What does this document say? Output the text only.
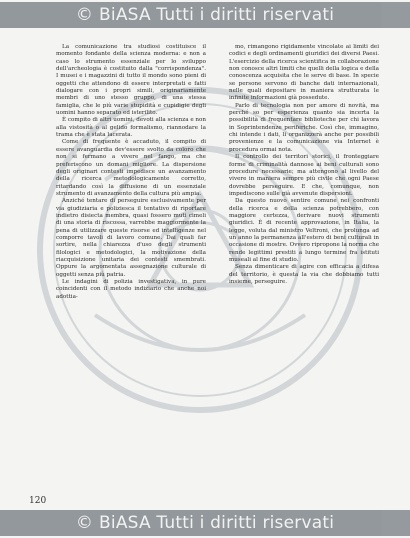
© BiASA Tutti i diritti riservati

La comunicazione tra studiosi costituisce il momento fondante della scienza moderna: e non a caso lo strumento essenziale per lo sviluppo dell'archeologia è costituito dalla "corrispondenza". I musei e i magazzini di tutto il mondo sono pieni di oggetti che attendono di essere interpretati e fatti dialogare con i propri simili, originariamente membri di uno stesso gruppo, di una stessa famiglia, che le più varie stupidità e cupidigie degli uomini hanno separato ed isterilito.

È compito di altri uomini, devoti alla scienza e non alla vistosità o al gelido formalismo, riannodare la trama che è stata lacerata.

Come di frequente è accaduto, il compito di essere avanguardia dev'essere svolto da coloro che non si fermano a vivere nel fango, ma che preferiscono un domani migliore. La dispersione degli originari contesti impedisce un avanzamento della ricerca metodologicamente corretto, ritardando così la diffusione di un essenziale strumento di avanzamento della cultura più ampia.

Anziché tentare di perseguire esclusivamente per via giudiziaria e poliziesca il tentativo di riportare indietro disiecta membra, quasi fossero muti cimeli di una storia di riscossa, varrebbe maggiormente la pena di utilizzare queste risorse ed intelligenze nel comporre tavoli di lavoro comune. Dai quali far sortire, nella chiarezza d'uso degli strumenti filologici e metodologici, la motivazione della riacquisizione unitaria dei contesti smembrati. Oppure la argomentata assegnazione culturale di oggetti senza più patria.

Le indagini di polizia investigativa, in pure coincidenti con il metodo indiziario che anche noi adottia-

mo, rimangono rigidamente vincolate ai limiti dei codici e degli ordinamenti giuridici dei diversi Paesi. L'esercizio della ricerca scientifica in collaborazione non conosce altri limiti che quelli della logica e della conoscenza acquisita che le serve di base. In specie se persone servono di banche dati internazionali, nelle quali depositare in maniera strutturata le infinite informazioni già possedute.

Parlo di tecnologia non per amore di novità, ma perché so per esperienza quanto sia incerta la possibilità di frequentare biblioteche per chi lavora in Soprintendenze periferiche. Così che, immagino, chi intende i dati, li organizzerà anche per possibili provenienze e la comunicazione via Internet è procedura ormai nota.

Il controllo dei territori storici, il fronteggiare forme di criminalità dannose ai beni culturali sono procedure necessarie; ma attengono al livello del vivere in maniera sempre più civile che ogni Paese dovrebbe perseguire. E che, comunque, non impediscono sulle già avvenute dispersioni.

Da questo nuovo sentire comune nei confronti della ricerca e della scienza potrebbero, con maggiore certezza, derivare nuovi strumenti giuridici. È di recente approvazione, in Italia, la legge, voluta dal ministro Veltroni, che prolunga ad un anno la permanenza all'estero di beni culturali in occasione di mostre. Ovvero ripropone la norma che rende legittimi prestiti a lungo termine fra istituti museali al fine di studio.

Senza dimenticare di agire con efficacia a difesa del territorio, è questa la via che dobbiamo tutti insieme, perseguire.

120
© BiASA Tutti i diritti riservati
